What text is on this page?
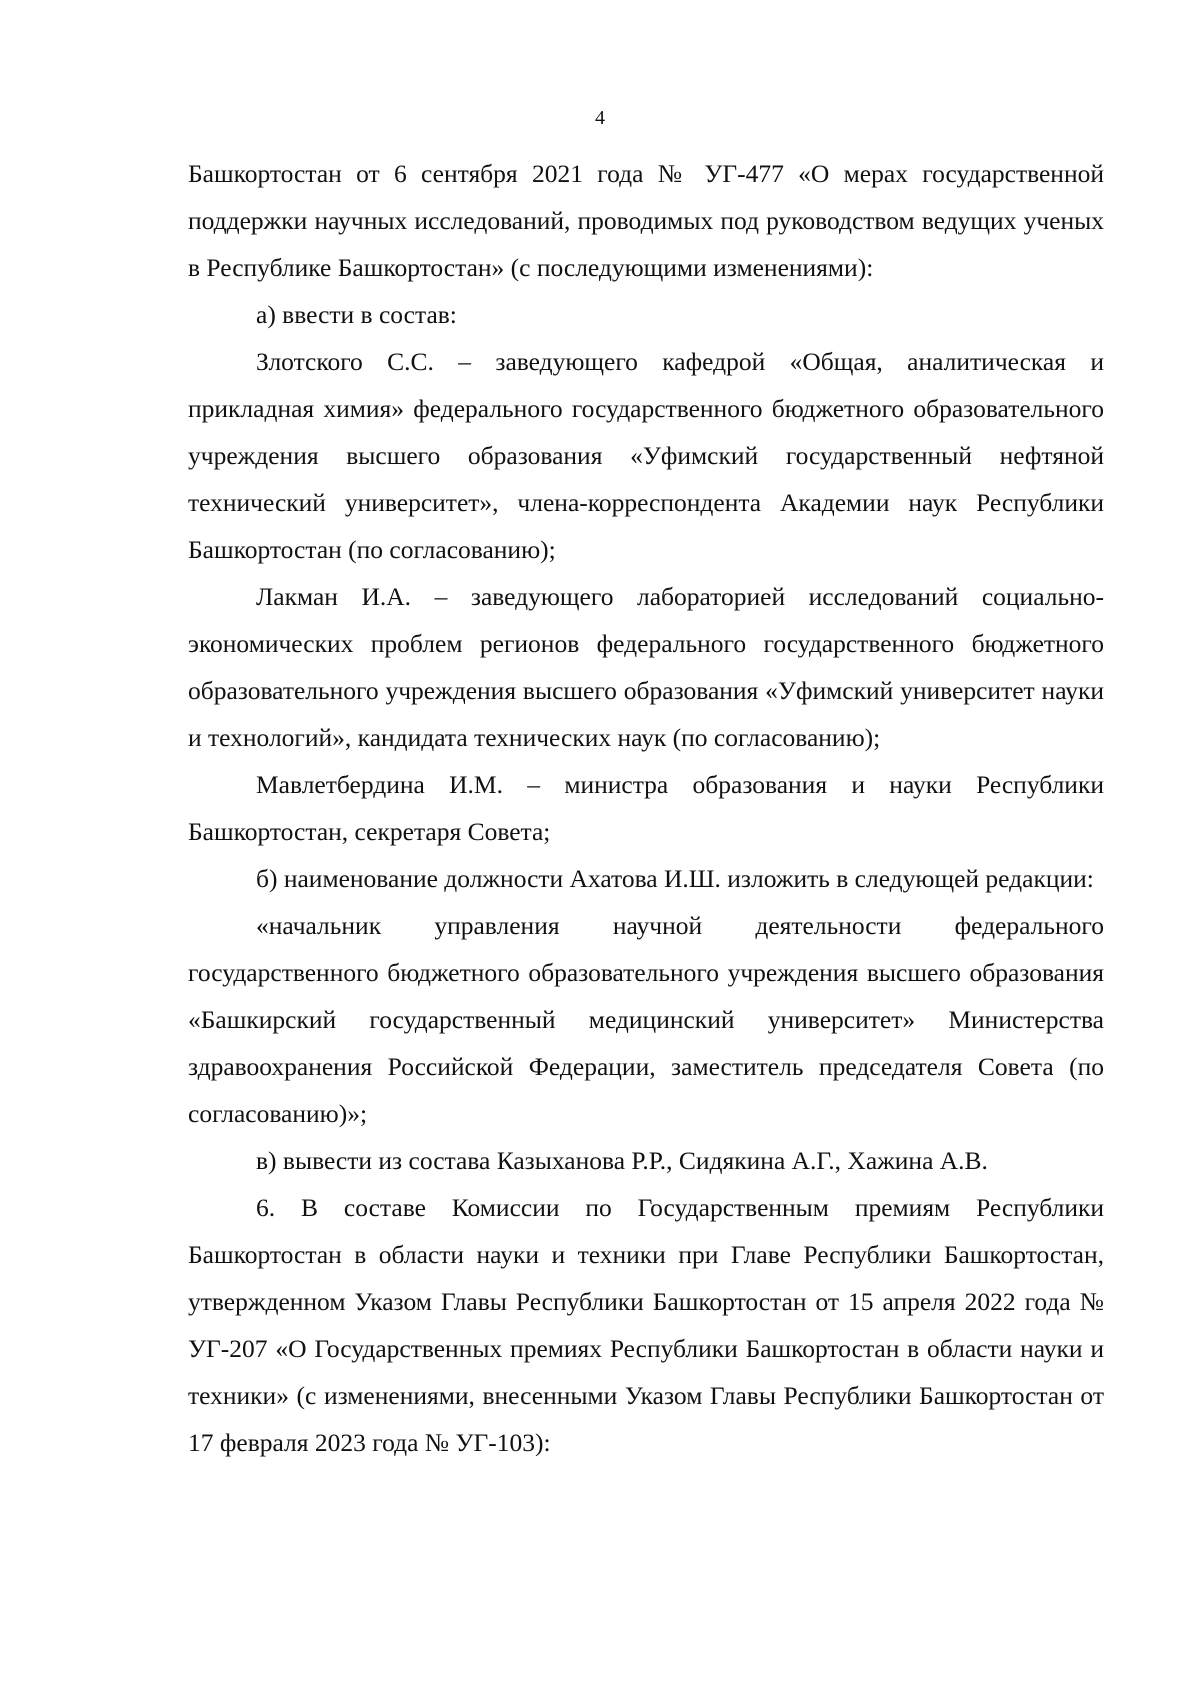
4

Башкортостан от 6 сентября 2021 года № УГ-477 «О мерах государственной поддержки научных исследований, проводимых под руководством ведущих ученых в Республике Башкортостан» (с последующими изменениями):

а) ввести в состав:

Злотского С.С. – заведующего кафедрой «Общая, аналитическая и прикладная химия» федерального государственного бюджетного образовательного учреждения высшего образования «Уфимский государственный нефтяной технический университет», члена-корреспондента Академии наук Республики Башкортостан (по согласованию);

Лакман И.А. – заведующего лабораторией исследований социально-экономических проблем регионов федерального государственного бюджетного образовательного учреждения высшего образования «Уфимский университет науки и технологий», кандидата технических наук (по согласованию);

Мавлетбердина И.М. – министра образования и науки Республики Башкортостан, секретаря Совета;

б) наименование должности Ахатова И.Ш. изложить в следующей редакции:

«начальник управления научной деятельности федерального государственного бюджетного образовательного учреждения высшего образования «Башкирский государственный медицинский университет» Министерства здравоохранения Российской Федерации, заместитель председателя Совета (по согласованию)»;

в) вывести из состава Казыханова Р.Р., Сидякина А.Г., Хажина А.В.

6. В составе Комиссии по Государственным премиям Республики Башкортостан в области науки и техники при Главе Республики Башкортостан, утвержденном Указом Главы Республики Башкортостан от 15 апреля 2022 года № УГ-207 «О Государственных премиях Республики Башкортостан в области науки и техники» (с изменениями, внесенными Указом Главы Республики Башкортостан от 17 февраля 2023 года № УГ-103):
